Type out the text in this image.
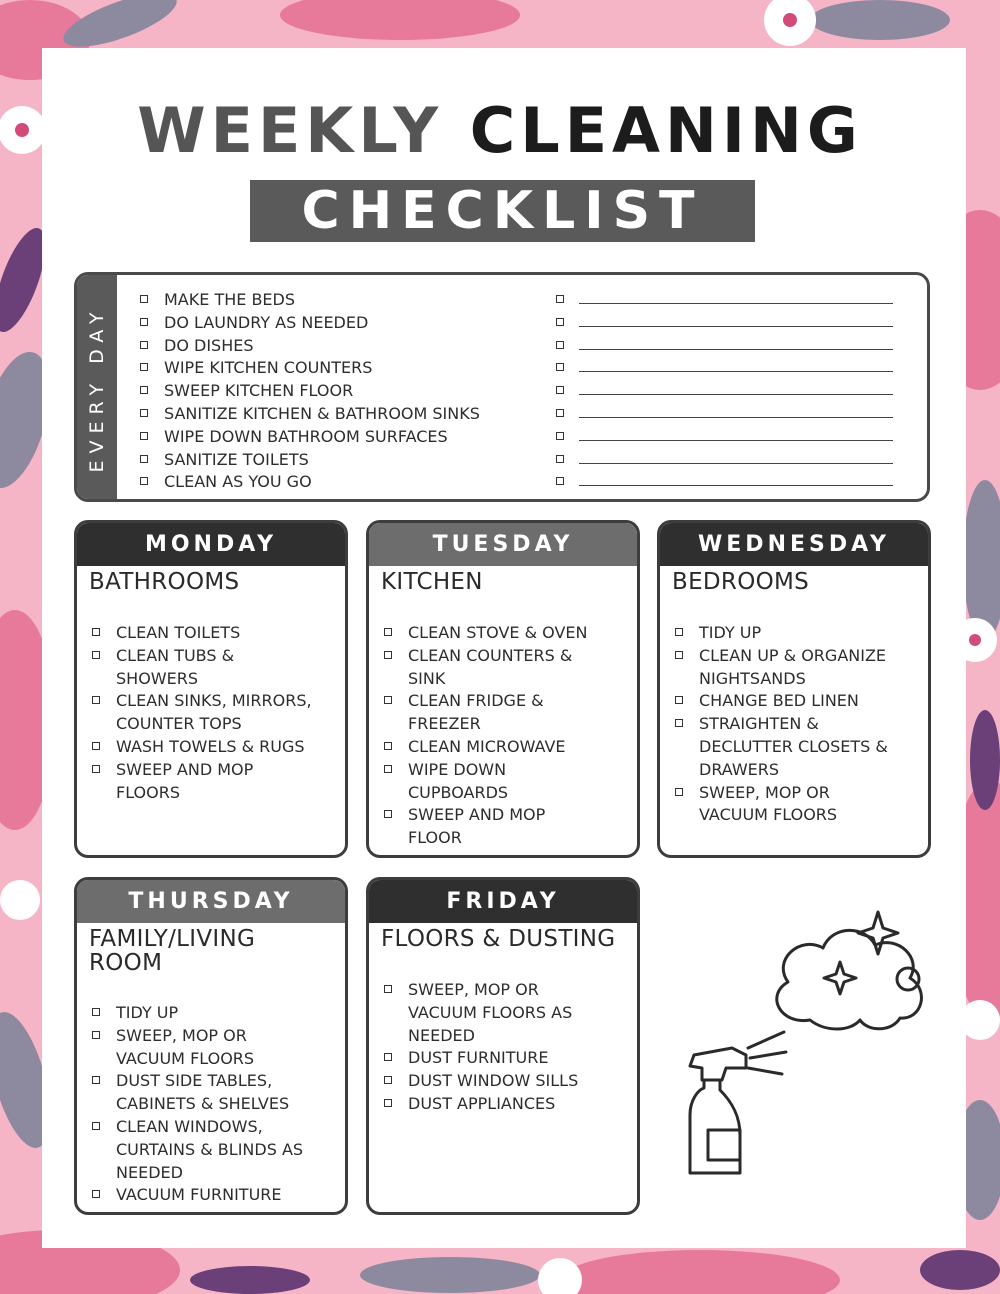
WEEKLY CLEANING
CHECKLIST
EVERY DAY
MAKE THE BEDS
DO LAUNDRY AS NEEDED
DO DISHES
WIPE KITCHEN COUNTERS
SWEEP KITCHEN FLOOR
SANITIZE KITCHEN & BATHROOM SINKS
WIPE DOWN BATHROOM SURFACES
SANITIZE TOILETS
CLEAN AS YOU GO
MONDAY
BATHROOMS
CLEAN TOILETS
CLEAN TUBS &
SHOWERS
CLEAN SINKS, MIRRORS,
COUNTER TOPS
WASH TOWELS & RUGS
SWEEP AND MOP
FLOORS
TUESDAY
KITCHEN
CLEAN STOVE & OVEN
CLEAN COUNTERS &
SINK
CLEAN FRIDGE &
FREEZER
CLEAN MICROWAVE
WIPE DOWN
CUPBOARDS
SWEEP AND MOP
FLOOR
WEDNESDAY
BEDROOMS
TIDY UP
CLEAN UP & ORGANIZE
NIGHTSANDS
CHANGE BED LINEN
STRAIGHTEN &
DECLUTTER CLOSETS &
DRAWERS
SWEEP, MOP OR
VACUUM FLOORS
THURSDAY
FAMILY/LIVING
ROOM
TIDY UP
SWEEP, MOP OR
VACUUM FLOORS
DUST SIDE TABLES,
CABINETS & SHELVES
CLEAN WINDOWS,
CURTAINS & BLINDS AS
NEEDED
VACUUM FURNITURE
FRIDAY
FLOORS & DUSTING
SWEEP, MOP OR
VACUUM FLOORS AS
NEEDED
DUST FURNITURE
DUST WINDOW SILLS
DUST APPLIANCES
